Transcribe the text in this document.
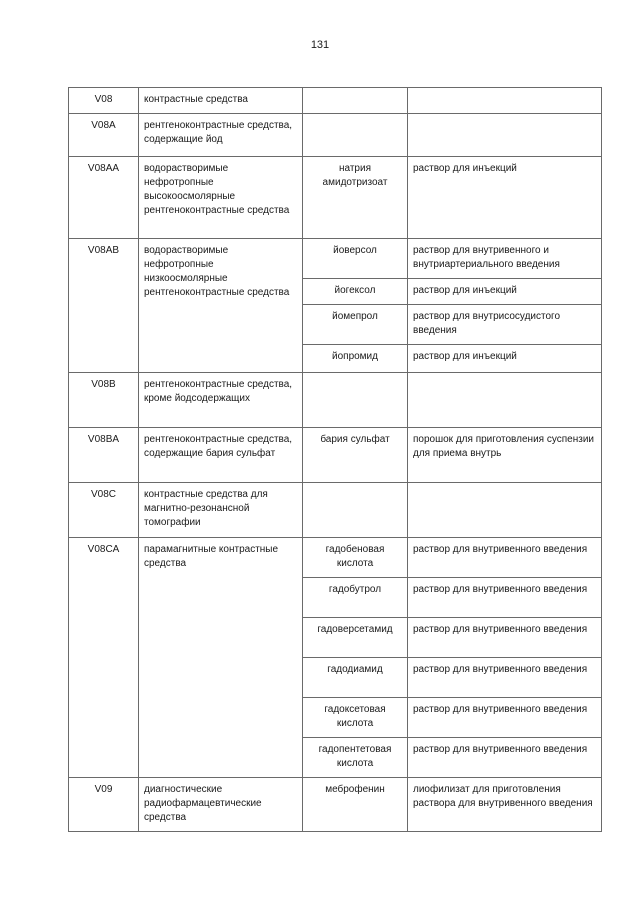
131
V08	контрастные средства		
V08A	рентгеноконтрастные средства, содержащие йод		
V08AA	водорастворимые нефротропные высокоосмолярные рентгеноконтрастные средства	натрия амидотризоат	раствор для инъекций
V08AB	водорастворимые нефротропные низкоосмолярные рентгеноконтрастные средства	йоверсол	раствор для внутривенного и внутриартериального введения
		йогексол	раствор для инъекций
		йомепрол	раствор для внутрисосудистого введения
		йопромид	раствор для инъекций
V08B	рентгеноконтрастные средства, кроме йодсодержащих		
V08BA	рентгеноконтрастные средства, содержащие бария сульфат	бария сульфат	порошок для приготовления суспензии для приема внутрь
V08C	контрастные средства для магнитно-резонансной томографии		
V08CA	парамагнитные контрастные средства	гадобеновая кислота	раствор для внутривенного введения
		гадобутрол	раствор для внутривенного введения
		гадоверсетамид	раствор для внутривенного введения
		гадодиамид	раствор для внутривенного введения
		гадоксетовая кислота	раствор для внутривенного введения
		гадопентетовая кислота	раствор для внутривенного введения
V09	диагностические радиофармацевтические средства	меброфенин	лиофилизат для приготовления раствора для внутривенного введения
